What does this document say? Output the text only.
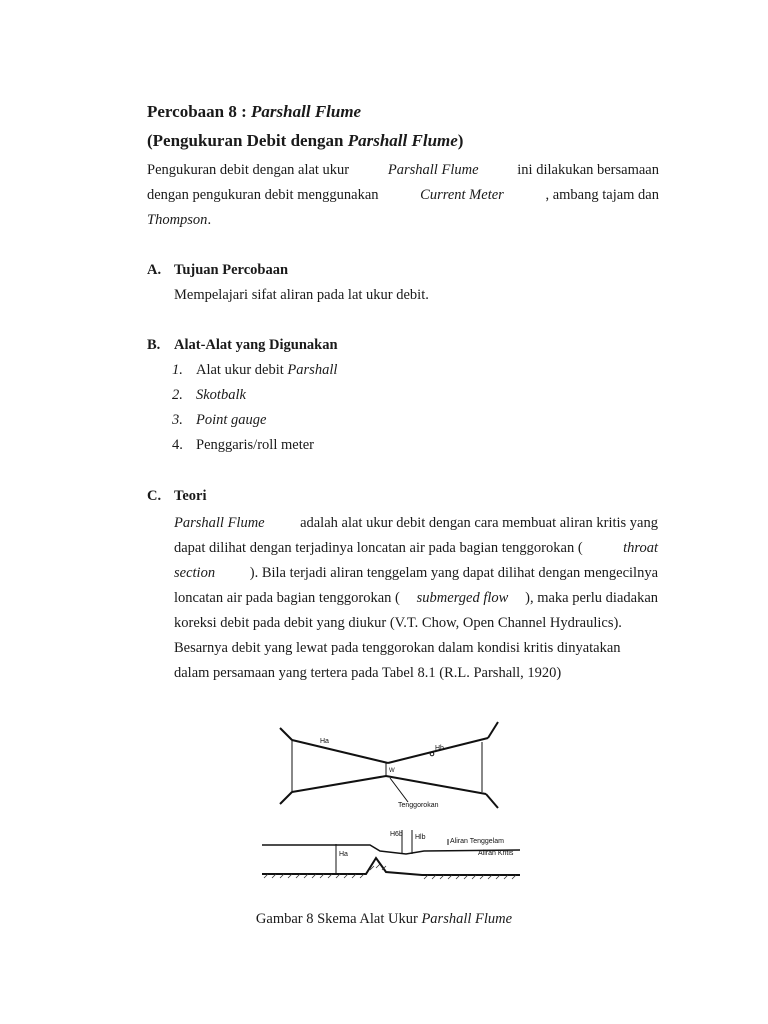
Percobaan 8 : Parshall Flume
(Pengukuran Debit dengan Parshall Flume)
Pengukuran debit dengan alat ukur	Parshall Flume	ini dilakukan bersamaan
dengan pengukuran debit menggunakan	Current Meter	, ambang tajam dan
Thompson.
A. Tujuan Percobaan
Mempelajari sifat aliran pada lat ukur debit.
B. Alat-Alat yang Digunakan
1. Alat ukur debit Parshall
2. Skotbalk
3. Point gauge
4. Penggaris/roll meter
C. Teori
Parshall Flume adalah alat ukur debit dengan cara membuat aliran kritis yang
dapat dilihat dengan terjadinya loncatan air pada bagian tenggorokan (	throat
section ). Bila terjadi aliran tenggelam yang dapat dilihat dengan mengecilnya
loncatan air pada bagian tenggorokan ( submerged flow ), maka perlu diadakan
koreksi debit pada debit yang diukur (V.T. Chow, Open Channel Hydraulics).
Besarnya debit yang lewat pada tenggorokan dalam kondisi kritis dinyatakan
dalam persamaan yang tertera pada Tabel 8.1 (R.L. Parshall, 1920)
Ha
Hb
W
Tenggorokan
H6b Hlb
Ha
Aliran Tenggelam
Aliran Kritis
Gambar 8 Skema Alat Ukur Parshall Flume
